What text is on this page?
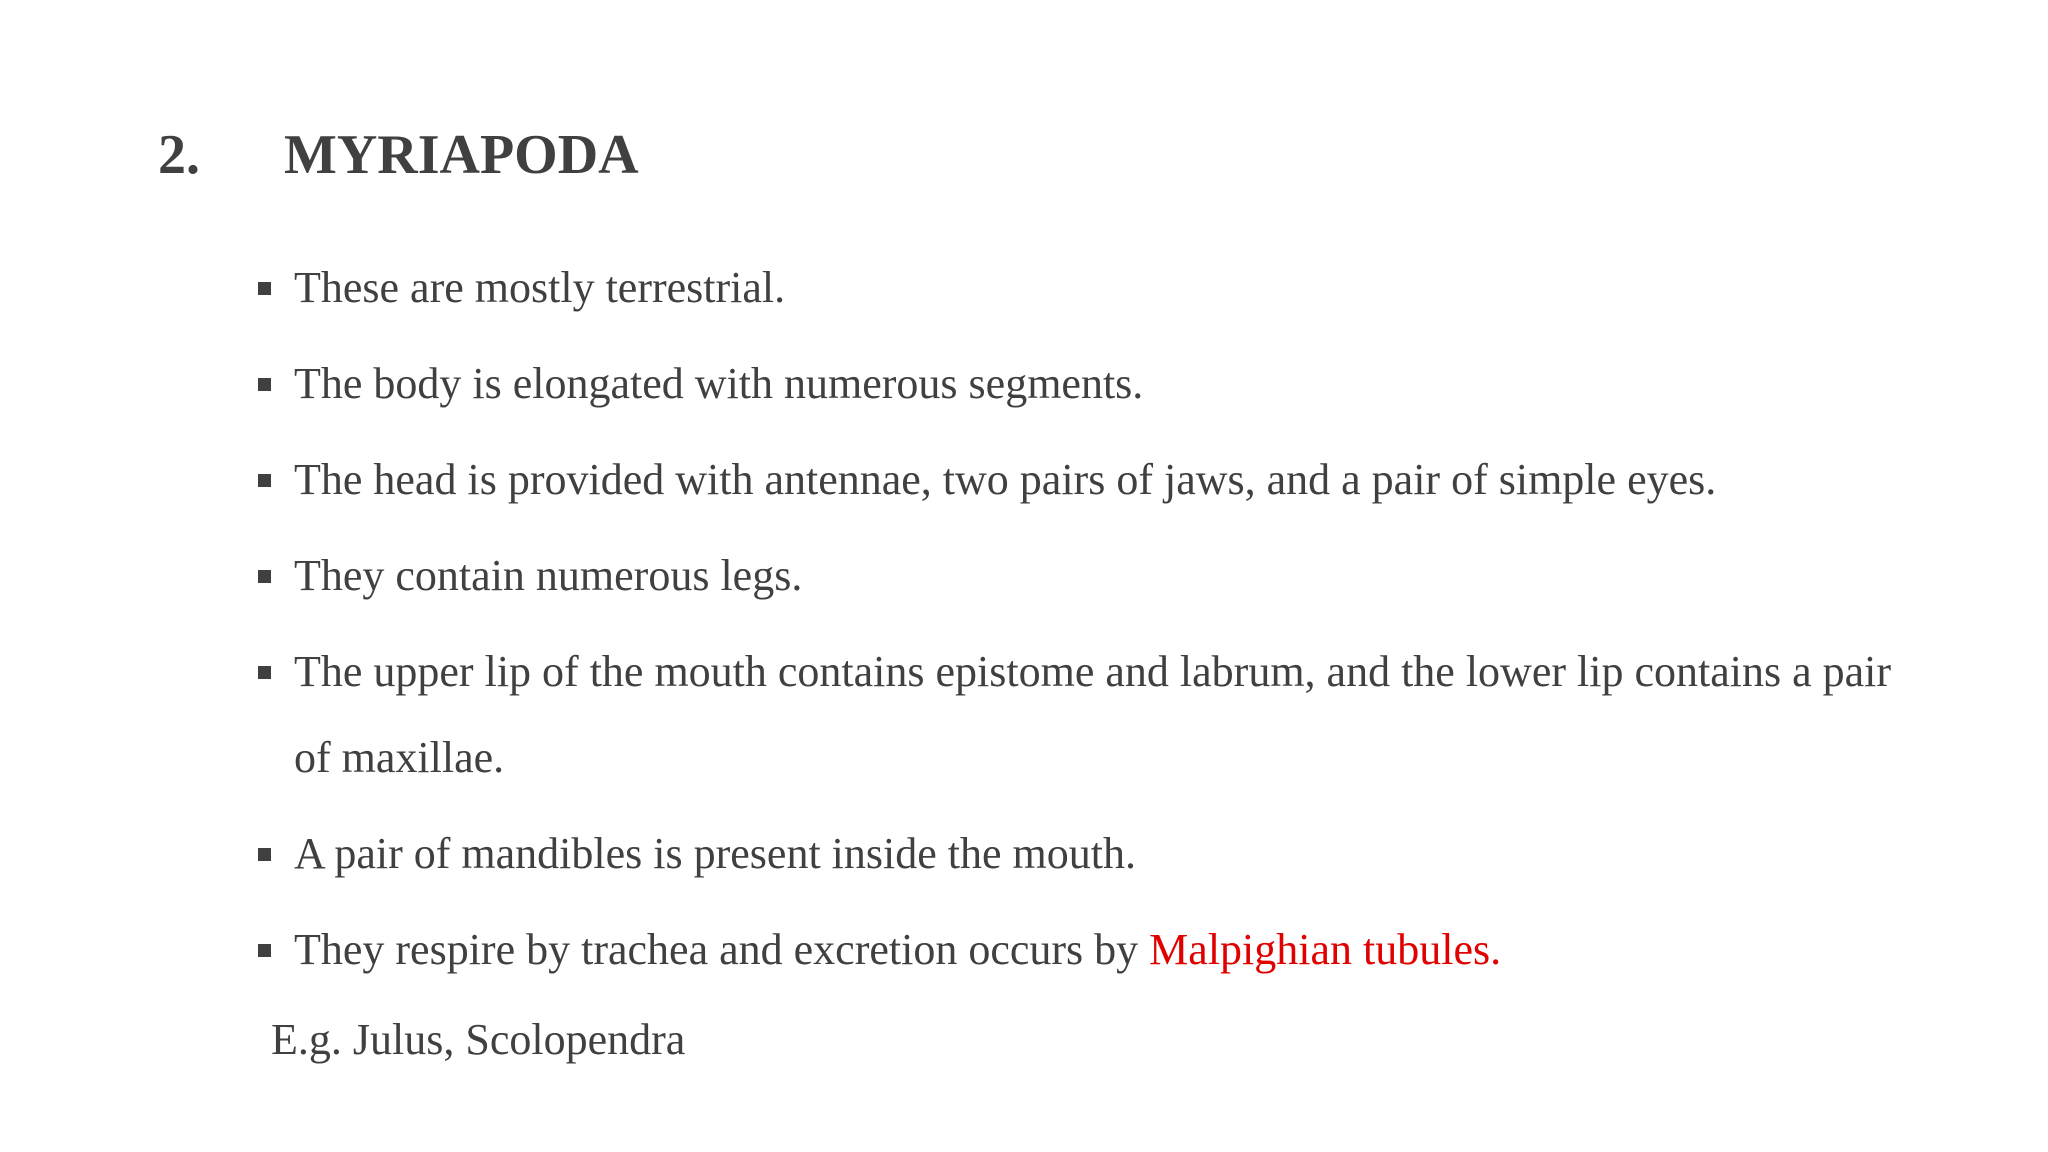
2. MYRIAPODA
These are mostly terrestrial.
The body is elongated with numerous segments.
The head is provided with antennae, two pairs of jaws, and a pair of simple eyes.
They contain numerous legs.
The upper lip of the mouth contains epistome and labrum, and the lower lip contains a pair of maxillae.
A pair of mandibles is present inside the mouth.
They respire by trachea and excretion occurs by Malpighian tubules.
E.g. Julus, Scolopendra
